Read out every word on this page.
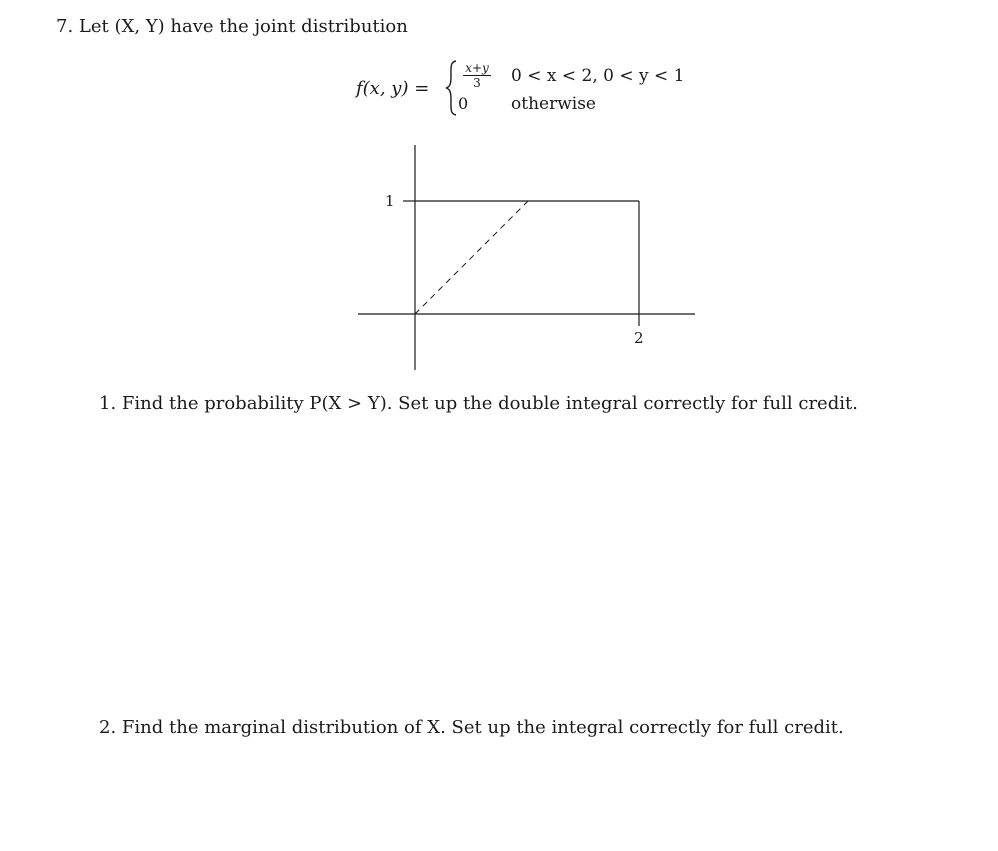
7. Let (X, Y) have the joint distribution
f(x, y) =
x+y
3	0 < x < 2, 0 < y < 1
0	otherwise
1
2
1. Find the probability P(X > Y). Set up the double integral correctly for full credit.
2. Find the marginal distribution of X. Set up the integral correctly for full credit.
